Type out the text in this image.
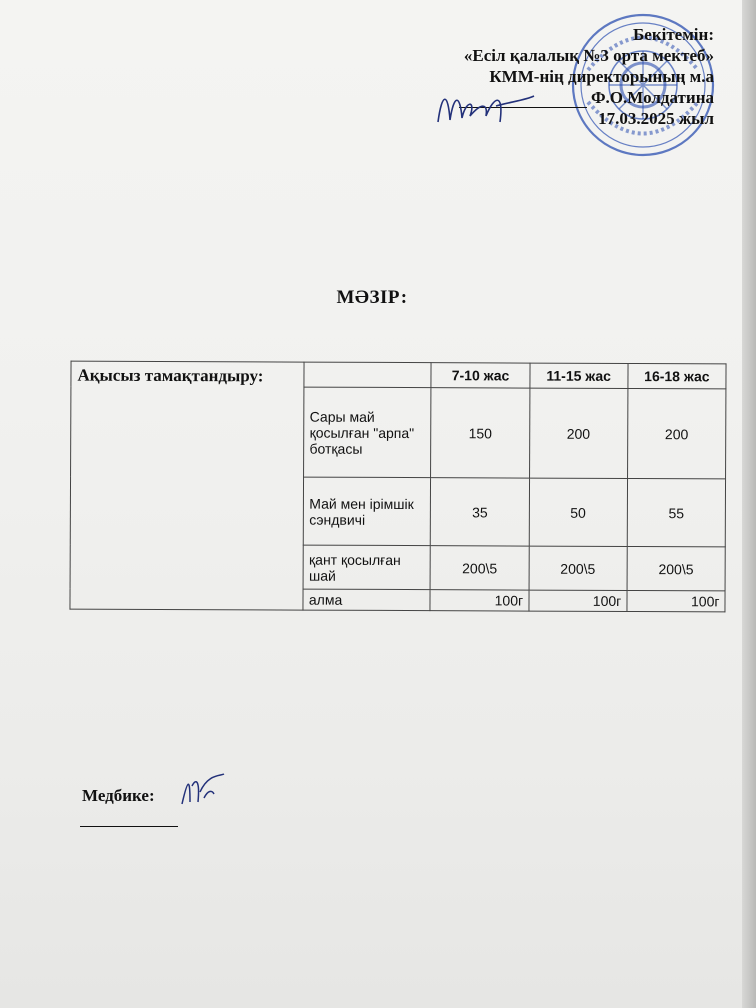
Бекітемін:
«Есіл қалалық №3 орта мектеб»
КММ-нің директорының м.а
Ф.О.Молдатина
17.03.2025 жыл
МӘЗІР:
Ақысыз тамақтандыру:		7-10 жас	11-15 жас	16-18 жас
	Сары май қосылған "арпа" ботқасы	150	200	200
	Май мен ірімшік сэндвичі	35	50	55
	қант қосылған шай	200\5	200\5	200\5
	алма	100г	100г	100г
Медбике:
